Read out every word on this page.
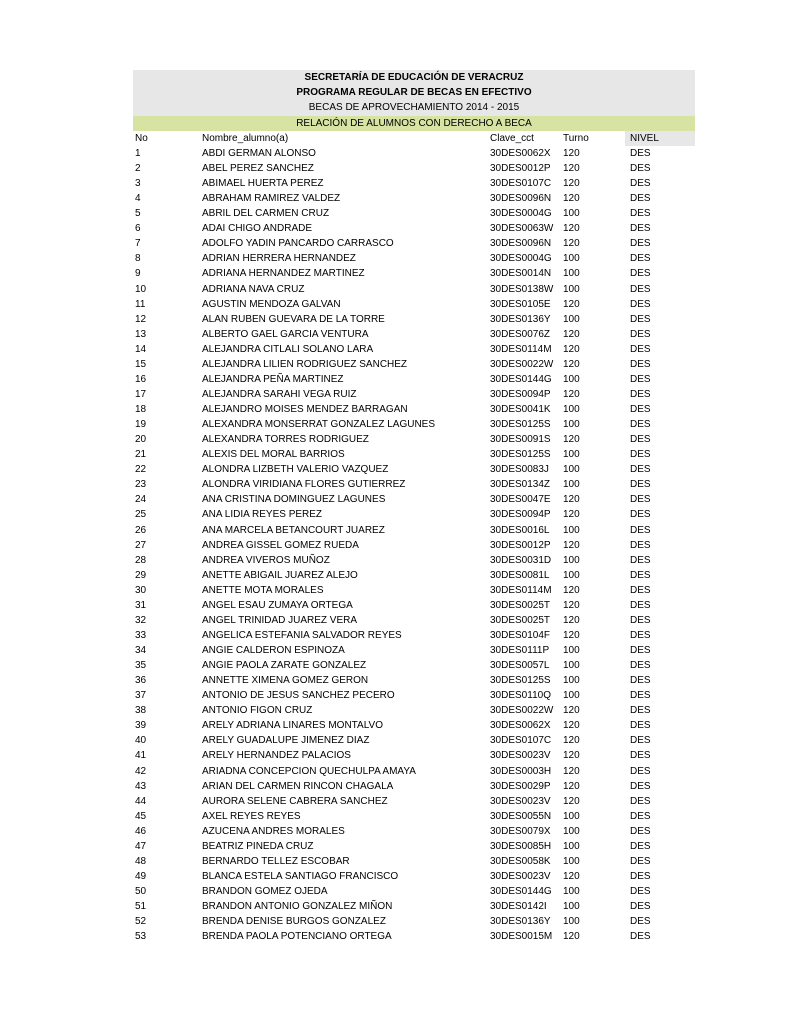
SECRETARÍA DE EDUCACIÓN DE VERACRUZ
PROGRAMA REGULAR DE BECAS EN EFECTIVO
BECAS DE APROVECHAMIENTO 2014 - 2015
RELACIÓN DE ALUMNOS CON DERECHO A BECA
No	Nombre_alumno(a)	Clave_cct	Turno	NIVEL
1	ABDI GERMAN ALONSO	30DES0062X 120	DES
2	ABEL PEREZ SANCHEZ	30DES0012P 120	DES
3	ABIMAEL HUERTA PEREZ	30DES0107C 120	DES
4	ABRAHAM RAMIREZ VALDEZ	30DES0096N 120	DES
5	ABRIL DEL CARMEN CRUZ	30DES0004G 100	DES
6	ADAI CHIGO ANDRADE	30DES0063W 120	DES
7	ADOLFO YADIN PANCARDO CARRASCO	30DES0096N 120	DES
8	ADRIAN HERRERA HERNANDEZ	30DES0004G 100	DES
9	ADRIANA HERNANDEZ MARTINEZ	30DES0014N 100	DES
10	ADRIANA NAVA CRUZ	30DES0138W 100	DES
11	AGUSTIN MENDOZA GALVAN	30DES0105E 120	DES
12	ALAN RUBEN GUEVARA DE LA TORRE	30DES0136Y 100	DES
13	ALBERTO GAEL GARCIA VENTURA	30DES0076Z 120	DES
14	ALEJANDRA CITLALI SOLANO LARA	30DES0114M 120	DES
15	ALEJANDRA LILIEN RODRIGUEZ SANCHEZ	30DES0022W 120	DES
16	ALEJANDRA PEÑA MARTINEZ	30DES0144G 100	DES
17	ALEJANDRA SARAHI VEGA RUIZ	30DES0094P 120	DES
18	ALEJANDRO MOISES MENDEZ BARRAGAN	30DES0041K 100	DES
19	ALEXANDRA MONSERRAT GONZALEZ LAGUNES	30DES0125S 100	DES
20	ALEXANDRA TORRES RODRIGUEZ	30DES0091S 120	DES
21	ALEXIS DEL MORAL BARRIOS	30DES0125S 100	DES
22	ALONDRA LIZBETH VALERIO VAZQUEZ	30DES0083J 100	DES
23	ALONDRA VIRIDIANA FLORES GUTIERREZ	30DES0134Z 100	DES
24	ANA CRISTINA DOMINGUEZ LAGUNES	30DES0047E 120	DES
25	ANA LIDIA REYES PEREZ	30DES0094P 120	DES
26	ANA MARCELA BETANCOURT JUAREZ	30DES0016L 100	DES
27	ANDREA GISSEL GOMEZ RUEDA	30DES0012P 120	DES
28	ANDREA VIVEROS MUÑOZ	30DES0031D 100	DES
29	ANETTE ABIGAIL JUAREZ ALEJO	30DES0081L 100	DES
30	ANETTE MOTA MORALES	30DES0114M 120	DES
31	ANGEL ESAU ZUMAYA ORTEGA	30DES0025T 120	DES
32	ANGEL TRINIDAD JUAREZ VERA	30DES0025T 120	DES
33	ANGELICA ESTEFANIA SALVADOR REYES	30DES0104F 120	DES
34	ANGIE CALDERON ESPINOZA	30DES0111P 100	DES
35	ANGIE PAOLA ZARATE GONZALEZ	30DES0057L 100	DES
36	ANNETTE XIMENA GOMEZ GERON	30DES0125S 100	DES
37	ANTONIO DE JESUS SANCHEZ PECERO	30DES0110Q 100	DES
38	ANTONIO FIGON CRUZ	30DES0022W 120	DES
39	ARELY ADRIANA LINARES MONTALVO	30DES0062X 120	DES
40	ARELY GUADALUPE JIMENEZ DIAZ	30DES0107C 120	DES
41	ARELY HERNANDEZ PALACIOS	30DES0023V 120	DES
42	ARIADNA CONCEPCION QUECHULPA AMAYA	30DES0003H 120	DES
43	ARIAN DEL CARMEN RINCON CHAGALA	30DES0029P 120	DES
44	AURORA SELENE CABRERA SANCHEZ	30DES0023V 120	DES
45	AXEL REYES REYES	30DES0055N 100	DES
46	AZUCENA ANDRES MORALES	30DES0079X 100	DES
47	BEATRIZ PINEDA CRUZ	30DES0085H 100	DES
48	BERNARDO TELLEZ ESCOBAR	30DES0058K 100	DES
49	BLANCA ESTELA SANTIAGO FRANCISCO	30DES0023V 120	DES
50	BRANDON GOMEZ OJEDA	30DES0144G 100	DES
51	BRANDON ANTONIO GONZALEZ MIÑON	30DES0142I 100	DES
52	BRENDA DENISE BURGOS GONZALEZ	30DES0136Y 100	DES
53	BRENDA PAOLA POTENCIANO ORTEGA	30DES0015M 120	DES
